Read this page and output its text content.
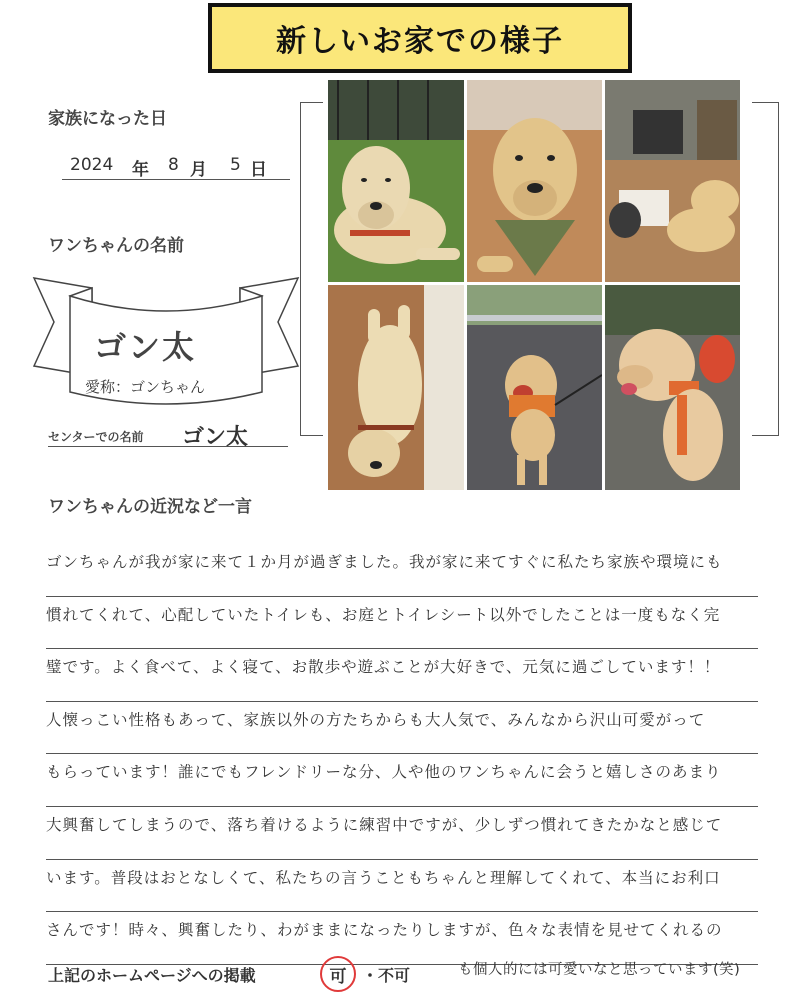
新しいお家での様子
家族になった日
2024 年 8 月 5 日
ワンちゃんの名前
ゴン太
愛称：ゴンちゃん
センターでの名前 ゴン太
ワンちゃんの近況など一言
ゴンちゃんが我が家に来て１か月が過ぎました。我が家に来てすぐに私たち家族や環境にも
慣れてくれて、心配していたトイレも、お庭とトイレシート以外でしたことは一度もなく完
璧です。よく食べて、よく寝て、お散歩や遊ぶことが大好きで、元気に過ごしています！！
人懐っこい性格もあって、家族以外の方たちからも大人気で、みんなから沢山可愛がって
もらっています！誰にでもフレンドリーな分、人や他のワンちゃんに会うと嬉しさのあまり
大興奮してしまうので、落ち着けるように練習中ですが、少しずつ慣れてきたかなと感じて
います。普段はおとなしくて、私たちの言うこともちゃんと理解してくれて、本当にお利口
さんです！時々、興奮したり、わがままになったりしますが、色々な表情を見せてくれるの
上記のホームページへの掲載	可 ・不可	も個人的には可愛いなと思っています(笑)
